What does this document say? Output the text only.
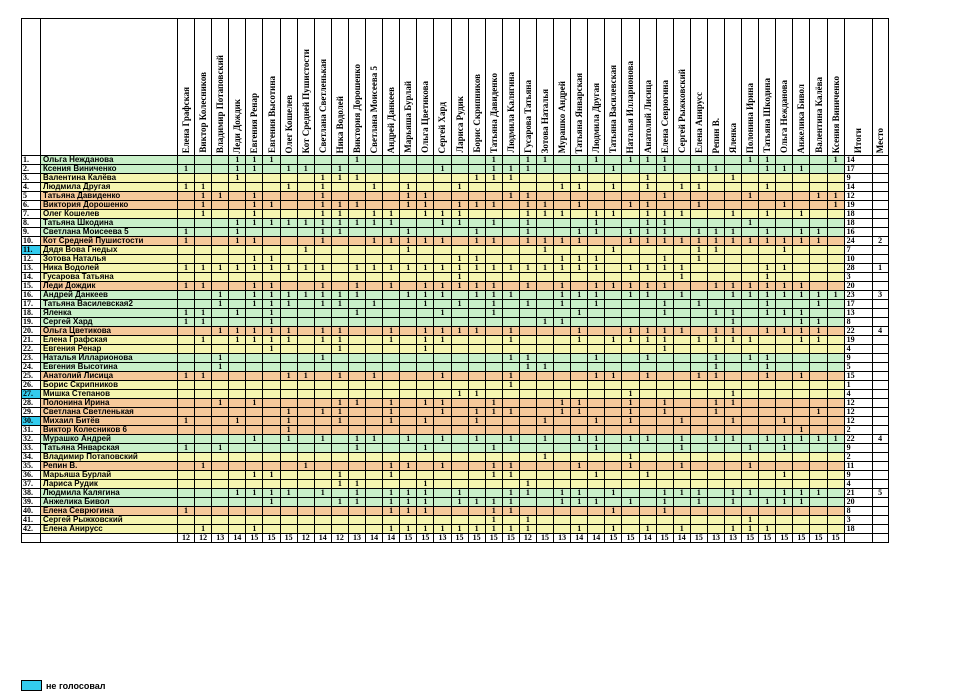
		Елена Графская	Виктор Колесников	Владимир Потаповский	Леди Дождик	Евгения Ренар	Евгения Высотина	Олег Кошелев	Кот Средней Пушистости	Светлана Светленькая	Ника Водолей	Виктория Дорошенко	Светлана Моисеева 5	Андрей Данкеев	Марьяша Бурлай	Ольга Цветикова	Сергей Хард	Лариса Рудик	Борис Скрипников	Татьяна Давиденко	Людмила Калягина	Гусарова Татьяна	Зотова Наталья	Мурашко Андрей	Татьяна Январская	Людмила Другая	Татьяна Василевская	Наталья Илларионова	Анатолий Лисица	Елена Севрюгина	Сергей Рыжковский	Елена Анирусс	Репин В.	Яленка	Полонина Ирина	Татьяна Шкодина	Ольга Нежданова	Анжелика Бивол	Валентина Калёва	Ксения Виниченко	Итоги	Место
1.	Ольга Нежданова				1	1	1					1								1		1	1			1		1	1	1					1	1				1	14	
2.	Ксения Виниченко	1			1	1		1	1		1						1			1	1	1			1		1			1		1	1			1	1	1			17	
3.	Валентина Калёва				1					1	1	1							1	1	1								1					1							9	
4.	Людмила Другая	1	1					1		1			1		1			1						1	1		1		1		1	1				1					14	
5	Татьяна Давиденко		1	1		1				1					1	1					1	1								1					1				1	1	12	
6.	Виктория Дорошенко		1			1	1			1	1	1			1	1		1	1	1		1	1		1			1	1			1					1			1	19	
7.	Олег Кошелев		1			1				1	1		1	1		1	1	1				1	1	1		1	1		1	1	1			1		1		1			18	
8.	Татьяна Шкодина				1	1	1	1	1	1	1	1	1	1			1	1		1		1				1			1	1					1						18	
9.	Светлана Моисеева 5	1			1					1	1				1				1			1			1	1		1	1	1		1	1	1		1		1	1		16	
10.	Кот Средней Пушистости	1			1	1				1			1	1	1	1	1		1	1		1	1	1	1			1	1	1	1	1	1	1	1	1	1	1	1		24	2
11.	Дядя Вова Гнедых								1						1								1				1					1	1				1				7	
12.	Зотова Наталья					1	1											1	1					1	1	1				1		1									10	
13.	Ника Водолей	1	1	1	1	1	1	1	1	1		1	1	1	1	1	1	1	1	1	1	1	1	1	1	1		1	1	1	1					1	1				28	1
14.	Гусарова Татьяна																	1													1					1					3	
15.	Леди Дождик	1	1			1	1			1		1		1		1	1	1	1	1		1		1		1	1	1	1	1			1	1	1	1	1	1			20	
16.	Андрей Данкеев			1		1	1	1	1	1	1	1			1	1	1		1	1	1			1	1	1		1	1		1			1	1	1	1	1	1	1	23	3
17.	Татьяна Василевская2			1		1	1	1		1	1		1			1		1		1		1		1		1				1		1				1			1		17	
18.	Яленка	1	1		1		1					1					1			1					1					1			1	1		1	1	1			13	
19.	Сергей Хард	1	1				1																1	1										1				1	1		8	
20.	Ольга Цветикова			1	1	1	1	1		1	1			1		1	1	1	1		1				1			1	1	1	1		1	1		1	1	1	1		22	4
21.	Елена Графская		1		1	1	1	1		1	1			1		1	1				1				1		1	1	1	1		1	1	1	1			1	1		19	
22.	Евгения Ренар						1				1					1														1											4	
23.	Наталья Илларионова			1						1											1	1				1			1				1		1	1					9	
24.	Евгения Высотина			1																		1	1										1			1					5	
25.	Анатолий Лисица	1	1					1	1		1		1				1				1					1	1		1			1	1			1		1			15	
26.	Борис Скрипников																				1																				1	
27.	Мишка Степанов																	1	1									1						1							4	
28.	Полонина Ирина			1		1					1	1		1		1	1			1				1	1			1		1			1	1							12	
29.	Светлана Светленькая							1		1	1			1			1		1	1	1			1	1			1		1			1						1		12	
30.	Михаил Битёв	1			1			1			1			1		1			1				1			1		1			1			1			1				12	
31.	Виктор Колесников 6							1																														1			2	
32.	Мурашко Андрей					1		1		1		1	1		1		1		1		1		1		1	1		1	1		1		1	1		1	1	1	1	1	22	4
33.	Татьяна Январская	1		1								1				1				1						1					1				1		1				9	
34.	Владимир Потаповский																						1					1													2	
35.	Репин В.		1						1					1	1		1			1	1				1			1			1				1						11	
36.	Марьяша Бурлай					1	1				1			1						1	1					1			1								1				9	
37.	Лариса Рудик										1	1				1						1																			4	
38.	Людмила Калягина				1	1	1	1		1		1		1	1	1		1			1	1		1	1		1			1	1	1		1	1		1	1	1		21	5
39.	Анжелика Бивол						1				1	1		1	1	1		1	1	1	1			1	1	1		1		1		1		1		1	1	1			20	
40.	Елена Севрюгина	1												1	1	1				1	1						1			1											8	
41.	Сергей Рыжковский																			1		1													1						3	
42.	Елена Анирусс		1			1								1	1	1	1	1	1	1	1	1			1		1		1		1			1	1	1					18	
		12	12	13	14	15	15	15	12	14	12	13	14	14	15	15	13	15	15	15	15	12	15	13	14	14	15	15	14	15	14	15	13	13	15	15	15	15	15	15		
не голосовал
